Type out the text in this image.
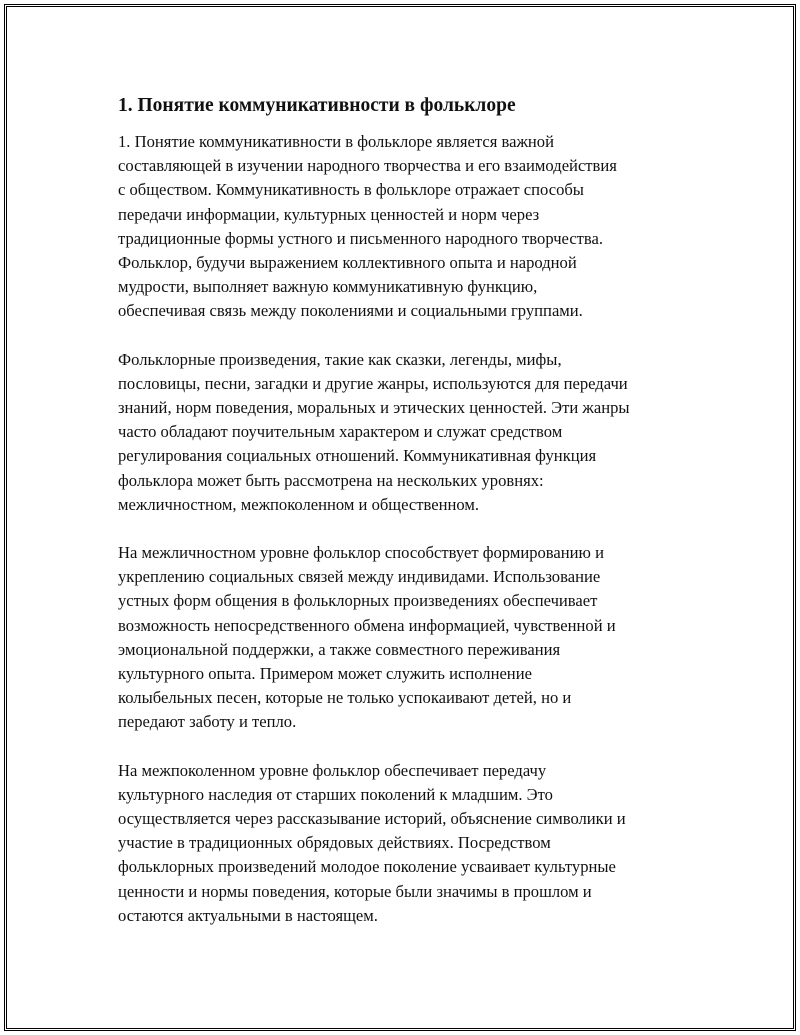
1. Понятие коммуникативности в фольклоре

1. Понятие коммуникативности в фольклоре является важной
составляющей в изучении народного творчества и его взаимодействия
с обществом. Коммуникативность в фольклоре отражает способы
передачи информации, культурных ценностей и норм через
традиционные формы устного и письменного народного творчества.
Фольклор, будучи выражением коллективного опыта и народной
мудрости, выполняет важную коммуникативную функцию,
обеспечивая связь между поколениями и социальными группами.

Фольклорные произведения, такие как сказки, легенды, мифы,
пословицы, песни, загадки и другие жанры, используются для передачи
знаний, норм поведения, моральных и этических ценностей. Эти жанры
часто обладают поучительным характером и служат средством
регулирования социальных отношений. Коммуникативная функция
фольклора может быть рассмотрена на нескольких уровнях:
межличностном, межпоколенном и общественном.

На межличностном уровне фольклор способствует формированию и
укреплению социальных связей между индивидами. Использование
устных форм общения в фольклорных произведениях обеспечивает
возможность непосредственного обмена информацией, чувственной и
эмоциональной поддержки, а также совместного переживания
культурного опыта. Примером может служить исполнение
колыбельных песен, которые не только успокаивают детей, но и
передают заботу и тепло.

На межпоколенном уровне фольклор обеспечивает передачу
культурного наследия от старших поколений к младшим. Это
осуществляется через рассказывание историй, объяснение символики и
участие в традиционных обрядовых действиях. Посредством
фольклорных произведений молодое поколение усваивает культурные
ценности и нормы поведения, которые были значимы в прошлом и
остаются актуальными в настоящем.
